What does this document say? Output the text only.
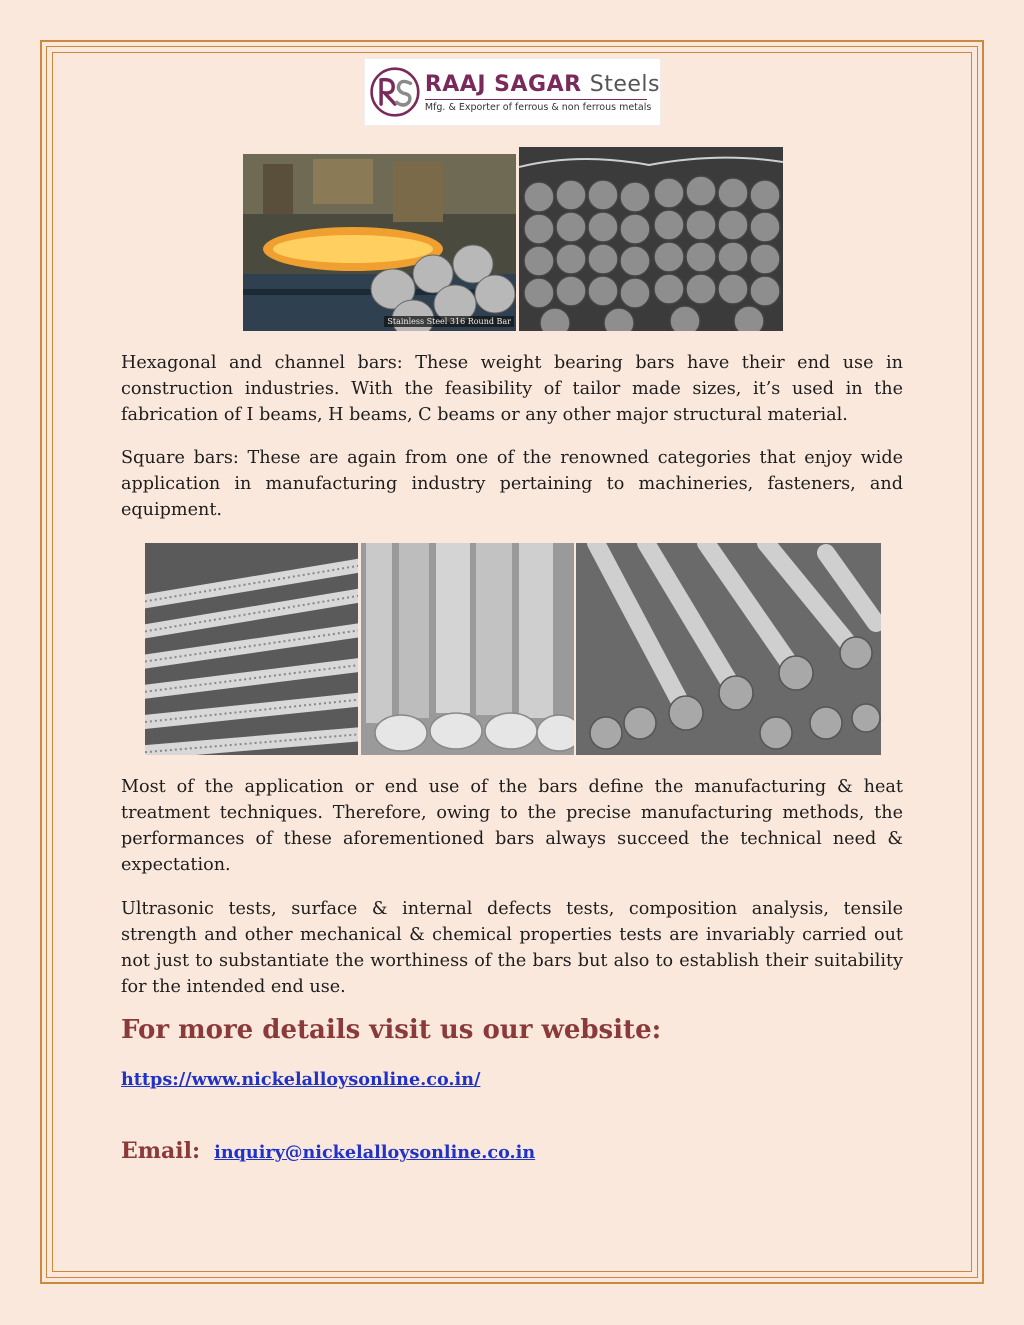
RAAJ SAGAR Steels
Mfg. & Exporter of ferrous & non ferrous metals
Stainless Steel 316 Round Bar

Hexagonal and channel bars: These weight bearing bars have their end use in construction industries. With the feasibility of tailor made sizes, it’s used in the fabrication of I beams, H beams, C beams or any other major structural material.

Square bars: These are again from one of the renowned categories that enjoy wide application in manufacturing industry pertaining to machineries, fasteners, and equipment.

Most of the application or end use of the bars define the manufacturing & heat treatment techniques. Therefore, owing to the precise manufacturing methods, the performances of these aforementioned bars always succeed the technical need & expectation.

Ultrasonic tests, surface & internal defects tests, composition analysis, tensile strength and other mechanical & chemical properties tests are invariably carried out not just to substantiate the worthiness of the bars but also to establish their suitability for the intended end use.

For more details visit us our website:
https://www.nickelalloysonline.co.in/
Email: inquiry@nickelalloysonline.co.in
